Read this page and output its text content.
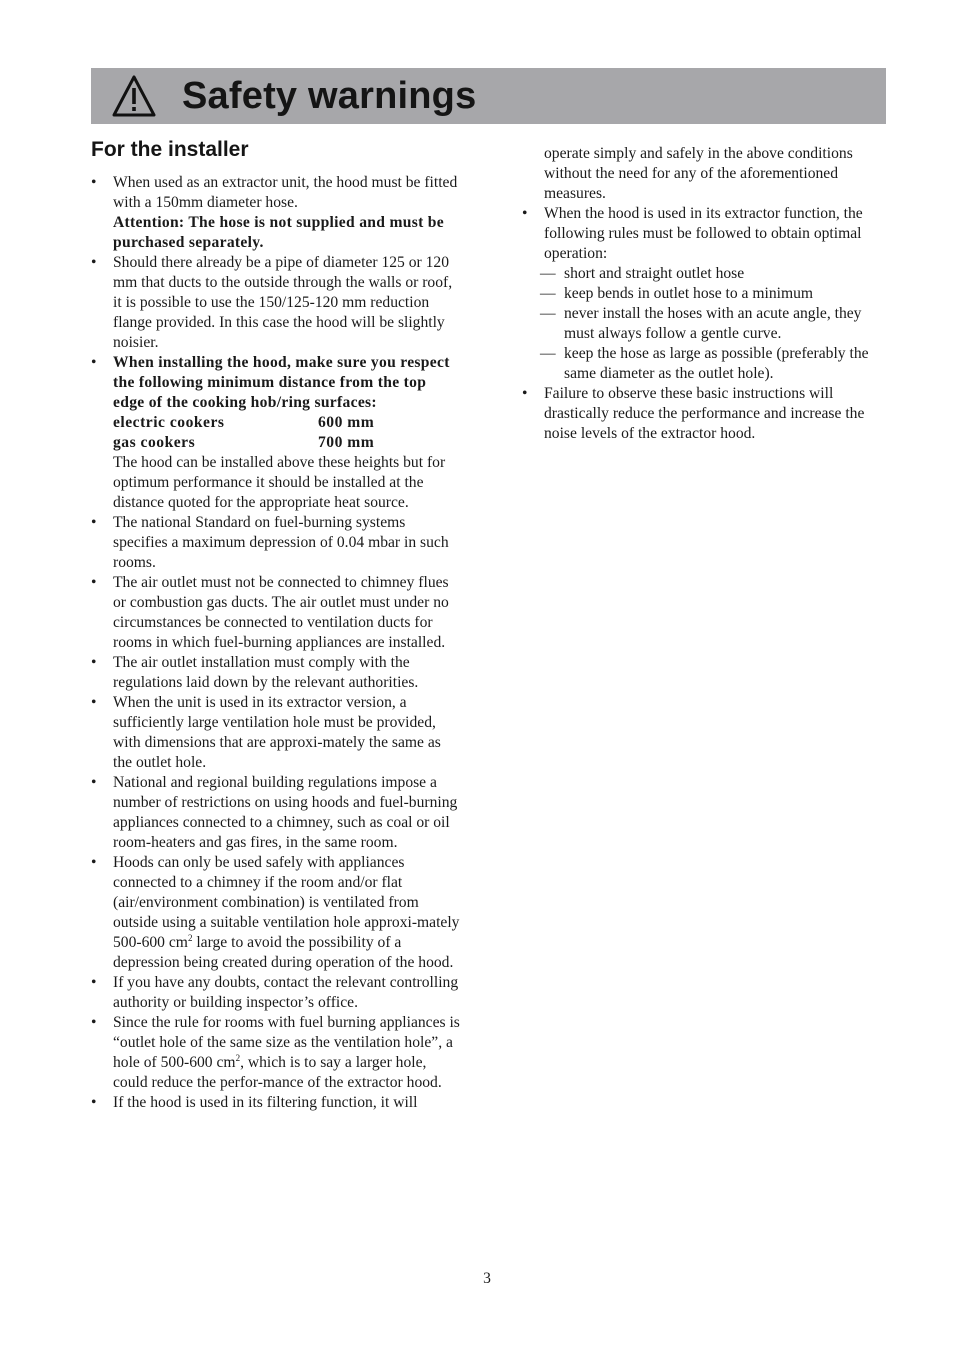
Safety warnings
For the installer
• When used as an extractor unit, the hood must be fitted with a 150mm diameter hose.
Attention: The hose is not supplied and must be purchased separately.
• Should there already be a pipe of diameter 125 or 120 mm that ducts to the outside through the walls or roof, it is possible to use the 150/125-120 mm reduction flange provided. In this case the hood will be slightly noisier.
• When installing the hood, make sure you respect the following minimum distance from the top edge of the cooking hob/ring surfaces:
electric cookers	600 mm
gas cookers	700 mm
The hood can be installed above these heights but for optimum performance it should be installed at the distance quoted for the appropriate heat source.
• The national Standard on fuel-burning systems specifies a maximum depression of 0.04 mbar in such rooms.
• The air outlet must not be connected to chimney flues or combustion gas ducts. The air outlet must under no circumstances be connected to ventilation ducts for rooms in which fuel-burning appliances are installed.
• The air outlet installation must comply with the regulations laid down by the relevant authorities.
• When the unit is used in its extractor version, a sufficiently large ventilation hole must be provided, with dimensions that are approxi-mately the same as the outlet hole.
• National and regional building regulations impose a number of restrictions on using hoods and fuel-burning appliances connected to a chimney, such as coal or oil room-heaters and gas fires, in the same room.
• Hoods can only be used safely with appliances connected to a chimney if the room and/or flat (air/environment combination) is ventilated from outside using a suitable ventilation hole approxi-mately 500-600 $cm^2$ large to avoid the possibility of a depression being created during operation of the hood.
• If you have any doubts, contact the relevant controlling authority or building inspector’s office.
• Since the rule for rooms with fuel burning appliances is “outlet hole of the same size as the ventilation hole”, a hole of 500-600 $cm^2$, which is to say a larger hole, could reduce the perfor-mance of the extractor hood.
• If the hood is used in its filtering function, it will
operate simply and safely in the above conditions without the need for any of the aforementioned measures.
• When the hood is used in its extractor function, the following rules must be followed to obtain optimal operation:
— short and straight outlet hose
— keep bends in outlet hose to a minimum
— never install the hoses with an acute angle, they must always follow a gentle curve.
— keep the hose as large as possible (preferably the same diameter as the outlet hole).
• Failure to observe these basic instructions will drastically reduce the performance and increase the noise levels of the extractor hood.
3
